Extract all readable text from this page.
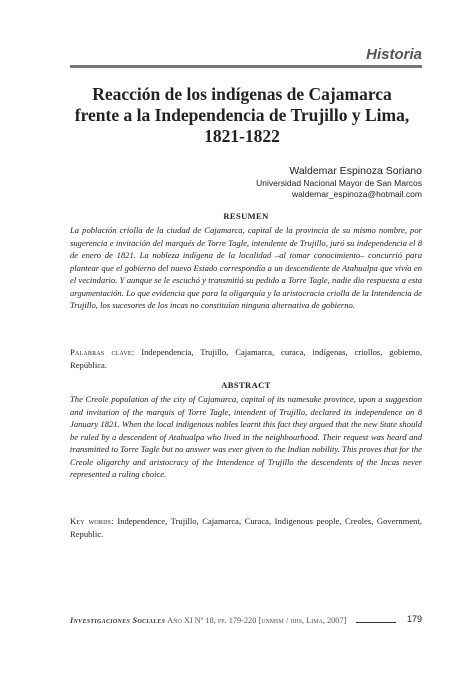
Historia
Reacción de los indígenas de Cajamarca
frente a la Independencia de Trujillo y Lima,
1821-1822
Waldemar Espinoza Soriano
Universidad Nacional Mayor de San Marcos
waldemar_espinoza@hotmail.com
RESUMEN

La población criolla de la ciudad de Cajamarca, capital de la provincia de su mismo nombre, por sugerencia e invitación del marqués de Torre Tagle, intendente de Trujillo, juró su independencia el 8 de enero de 1821. La nobleza indígena de la localidad –al tomar conocimiento– concurrió para plantear que el gobierno del nuevo Estado correspondía a un descendiente de Atahualpa que vivía en el vecindario. Y aunque se le escuchó y transmitió su pedido a Torre Tagle, nadie dio respuesta a esta argumentación. Lo que evidencia que para la oligarquía y la aristocracia criolla de la Intendencia de Trujillo, los sucesores de los incas no constituían ninguna alternativa de gobierno.

Palabras clave: Independencia, Trujillo, Cajamarca, curaca, indígenas, criollos, gobierno, República.

ABSTRACT

The Creole population of the city of Cajamarca, capital of its namesake province, upon a suggestion and invitation of the marquis of Torre Tagle, intendent of Trujillo, declared its independence on 8 January 1821. When the local indigenous nobles learnt this fact they argued that the new State should be ruled by a descendent of Atahualpa who lived in the neighbourhood. Their request was heard and transmitted to Torre Tagle but no answer was ever given to the Indian nobility. This proves that for the Creole oligarchy and aristocracy of the Intendence of Trujillo the descendents of the Incas never represented a ruling choice.

Key words: Independence, Trujillo, Cajamarca, Curaca, Indigenous people, Creoles, Government, Republic.

Investigaciones Sociales Año XI Nº 18, pp. 179-220 [unmsm / iihs, Lima, 2007]	179
